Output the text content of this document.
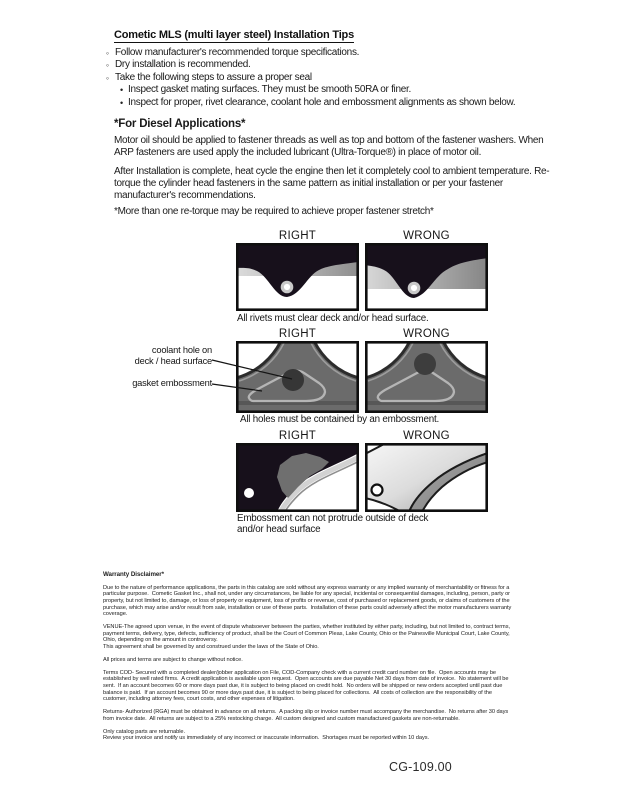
Cometic MLS (multi layer steel) Installation Tips
◦ Follow manufacturer's recommended torque specifications.
◦ Dry installation is recommended.
◦ Take the following steps to assure a proper seal
• Inspect gasket mating surfaces. They must be smooth 50RA or finer.
• Inspect for proper, rivet clearance, coolant hole and embossment alignments as shown below.
*For Diesel Applications*
Motor oil should be applied to fastener threads as well as top and bottom of the fastener washers. When ARP fasteners are used apply the included lubricant (Ultra-Torque®) in place of motor oil.
After Installation is complete, heat cycle the engine then let it completely cool to ambient temperature. Re-torque the cylinder head fasteners in the same pattern as initial installation or per your fastener manufacturer's recommendations.
*More than one re-torque may be required to achieve proper fastener stretch*
RIGHT	WRONG
All rivets must clear deck and/or head surface.
RIGHT	WRONG
coolant hole on
deck / head surface
gasket embossment
All holes must be contained by an embossment.
RIGHT	WRONG
Embossment can not protrude outside of deck
and/or head surface
Warranty Disclaimer*

Due to the nature of performance applications, the parts in this catalog are sold without any express warranty or any implied warranty of merchantability or fitness for a particular purpose.  Cometic Gasket Inc., shall not, under any circumstances, be liable for any special, incidental or consequential damages, including, person, party or property, but not limited to, damage, or loss of property or equipment, loss of profits or revenue, cost of purchased or replacement goods, or claims of customers of the purchase, which may arise and/or result from sale, installation or use of these parts.  Installation of these parts could adversely affect the motor manufacturers warranty coverage.

VENUE-The agreed upon venue, in the event of dispute whatsoever between the parties, whether instituted by either party, including, but not limited to, contract terms, payment terms, delivery, type, defects, sufficiency of product, shall be the Court of Common Pleas, Lake County, Ohio or the Painesville Municipal Court, Lake County, Ohio, depending on the amount in controversy.
This agreement shall be governed by and construed under the laws of the State of Ohio.

All prices and terms are subject to change without notice.

Terms COD- Secured with a completed dealer/jobber application on File, COD-Company check with a current credit card number on file.  Open accounts may be established by well rated firms.  A credit application is available upon request.  Open accounts are due payable Net 30 days from date of invoice.  No statement will be sent.  If an account becomes 60 or more days past due, it is subject to being placed on credit hold.  No orders will be shipped or new orders accepted until past due balance is paid.  If an account becomes 90 or more days past due, it is subject to being placed for collections.  All costs of collection are the responsibility of the customer, including attorney fees, court costs, and other expenses of litigation.

Returns- Authorized (RGA) must be obtained in advance on all returns.  A packing slip or invoice number must accompany the merchandise.  No returns after 30 days from invoice date.  All returns are subject to a 25% restocking charge.  All custom designed and custom manufactured gaskets are non-returnable.

Only catalog parts are returnable.
Review your invoice and notify us immediately of any incorrect or inaccurate information.  Shortages must be reported within 10 days.

CG-109.00
